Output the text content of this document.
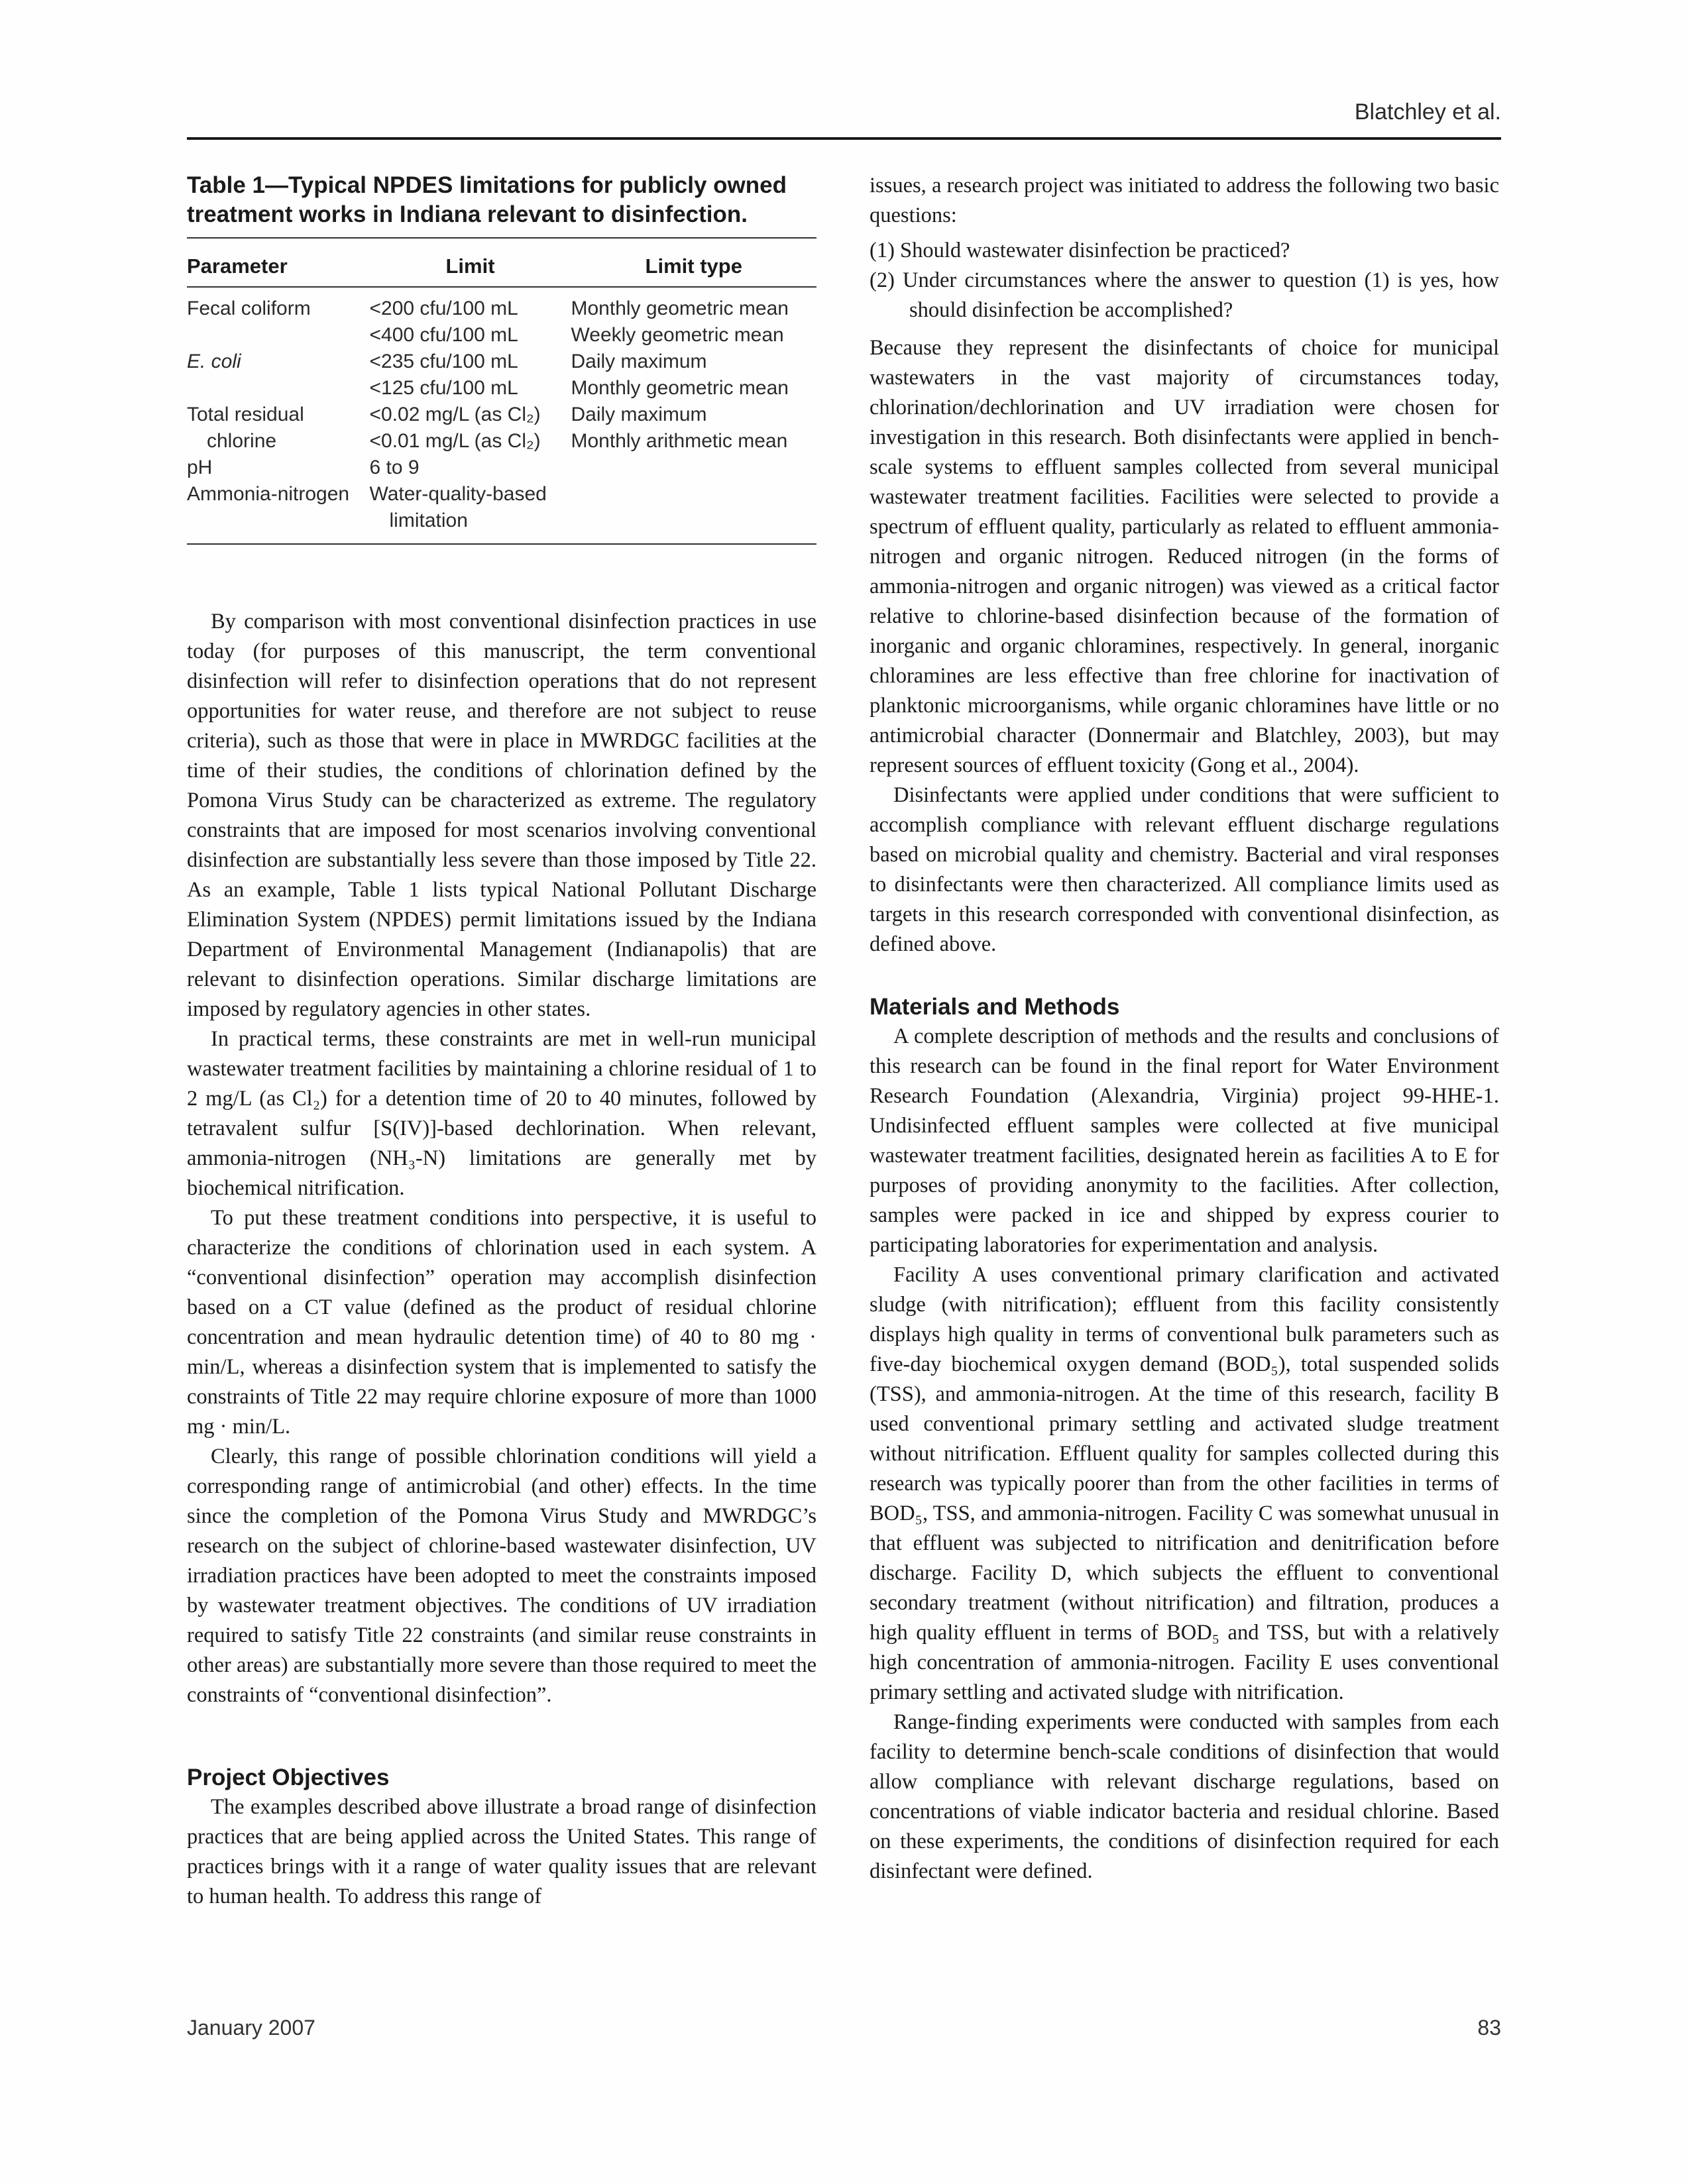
Blatchley et al.
Table 1—Typical NPDES limitations for publicly owned treatment works in Indiana relevant to disinfection.
Parameter	Limit	Limit type
Fecal coliform	<200 cfu/100 mL	Monthly geometric mean
	<400 cfu/100 mL	Weekly geometric mean
E. coli	<235 cfu/100 mL	Daily maximum
	<125 cfu/100 mL	Monthly geometric mean
Total residual	<0.02 mg/L (as Cl₂)	Daily maximum
chlorine	<0.01 mg/L (as Cl₂)	Monthly arithmetic mean
pH	6 to 9	
Ammonia-nitrogen	Water-quality-based	
	limitation	

By comparison with most conventional disinfection practices in use today (for purposes of this manuscript, the term conventional disinfection will refer to disinfection operations that do not represent opportunities for water reuse, and therefore are not subject to reuse criteria), such as those that were in place in MWRDGC facilities at the time of their studies, the conditions of chlorination defined by the Pomona Virus Study can be characterized as extreme. The regulatory constraints that are imposed for most scenarios involving conventional disinfection are substantially less severe than those imposed by Title 22. As an example, Table 1 lists typical National Pollutant Discharge Elimination System (NPDES) permit limitations issued by the Indiana Department of Environmental Management (Indianapolis) that are relevant to disinfection operations. Similar discharge limitations are imposed by regulatory agencies in other states.

In practical terms, these constraints are met in well-run municipal wastewater treatment facilities by maintaining a chlorine residual of 1 to 2 mg/L (as Cl₂) for a detention time of 20 to 40 minutes, followed by tetravalent sulfur [S(IV)]-based dechlorination. When relevant, ammonia-nitrogen (NH₃-N) limitations are generally met by biochemical nitrification.

To put these treatment conditions into perspective, it is useful to characterize the conditions of chlorination used in each system. A “conventional disinfection” operation may accomplish disinfection based on a CT value (defined as the product of residual chlorine concentration and mean hydraulic detention time) of 40 to 80 mg · min/L, whereas a disinfection system that is implemented to satisfy the constraints of Title 22 may require chlorine exposure of more than 1000 mg · min/L.

Clearly, this range of possible chlorination conditions will yield a corresponding range of antimicrobial (and other) effects. In the time since the completion of the Pomona Virus Study and MWRDGC’s research on the subject of chlorine-based wastewater disinfection, UV irradiation practices have been adopted to meet the constraints imposed by wastewater treatment objectives. The conditions of UV irradiation required to satisfy Title 22 constraints (and similar reuse constraints in other areas) are substantially more severe than those required to meet the constraints of “conventional disinfection”.

Project Objectives

The examples described above illustrate a broad range of disinfection practices that are being applied across the United States. This range of practices brings with it a range of water quality issues that are relevant to human health. To address this range of

issues, a research project was initiated to address the following two basic questions:

(1) Should wastewater disinfection be practiced?
(2) Under circumstances where the answer to question (1) is yes, how should disinfection be accomplished?

Because they represent the disinfectants of choice for municipal wastewaters in the vast majority of circumstances today, chlorination/dechlorination and UV irradiation were chosen for investigation in this research. Both disinfectants were applied in bench-scale systems to effluent samples collected from several municipal wastewater treatment facilities. Facilities were selected to provide a spectrum of effluent quality, particularly as related to effluent ammonia-nitrogen and organic nitrogen. Reduced nitrogen (in the forms of ammonia-nitrogen and organic nitrogen) was viewed as a critical factor relative to chlorine-based disinfection because of the formation of inorganic and organic chloramines, respectively. In general, inorganic chloramines are less effective than free chlorine for inactivation of planktonic microorganisms, while organic chloramines have little or no antimicrobial character (Donnermair and Blatchley, 2003), but may represent sources of effluent toxicity (Gong et al., 2004).

Disinfectants were applied under conditions that were sufficient to accomplish compliance with relevant effluent discharge regulations based on microbial quality and chemistry. Bacterial and viral responses to disinfectants were then characterized. All compliance limits used as targets in this research corresponded with conventional disinfection, as defined above.

Materials and Methods

A complete description of methods and the results and conclusions of this research can be found in the final report for Water Environment Research Foundation (Alexandria, Virginia) project 99-HHE-1. Undisinfected effluent samples were collected at five municipal wastewater treatment facilities, designated herein as facilities A to E for purposes of providing anonymity to the facilities. After collection, samples were packed in ice and shipped by express courier to participating laboratories for experimentation and analysis.

Facility A uses conventional primary clarification and activated sludge (with nitrification); effluent from this facility consistently displays high quality in terms of conventional bulk parameters such as five-day biochemical oxygen demand (BOD₅), total suspended solids (TSS), and ammonia-nitrogen. At the time of this research, facility B used conventional primary settling and activated sludge treatment without nitrification. Effluent quality for samples collected during this research was typically poorer than from the other facilities in terms of BOD₅, TSS, and ammonia-nitrogen. Facility C was somewhat unusual in that effluent was subjected to nitrification and denitrification before discharge. Facility D, which subjects the effluent to conventional secondary treatment (without nitrification) and filtration, produces a high quality effluent in terms of BOD₅ and TSS, but with a relatively high concentration of ammonia-nitrogen. Facility E uses conventional primary settling and activated sludge with nitrification.

Range-finding experiments were conducted with samples from each facility to determine bench-scale conditions of disinfection that would allow compliance with relevant discharge regulations, based on concentrations of viable indicator bacteria and residual chlorine. Based on these experiments, the conditions of disinfection required for each disinfectant were defined.

January 2007	83
